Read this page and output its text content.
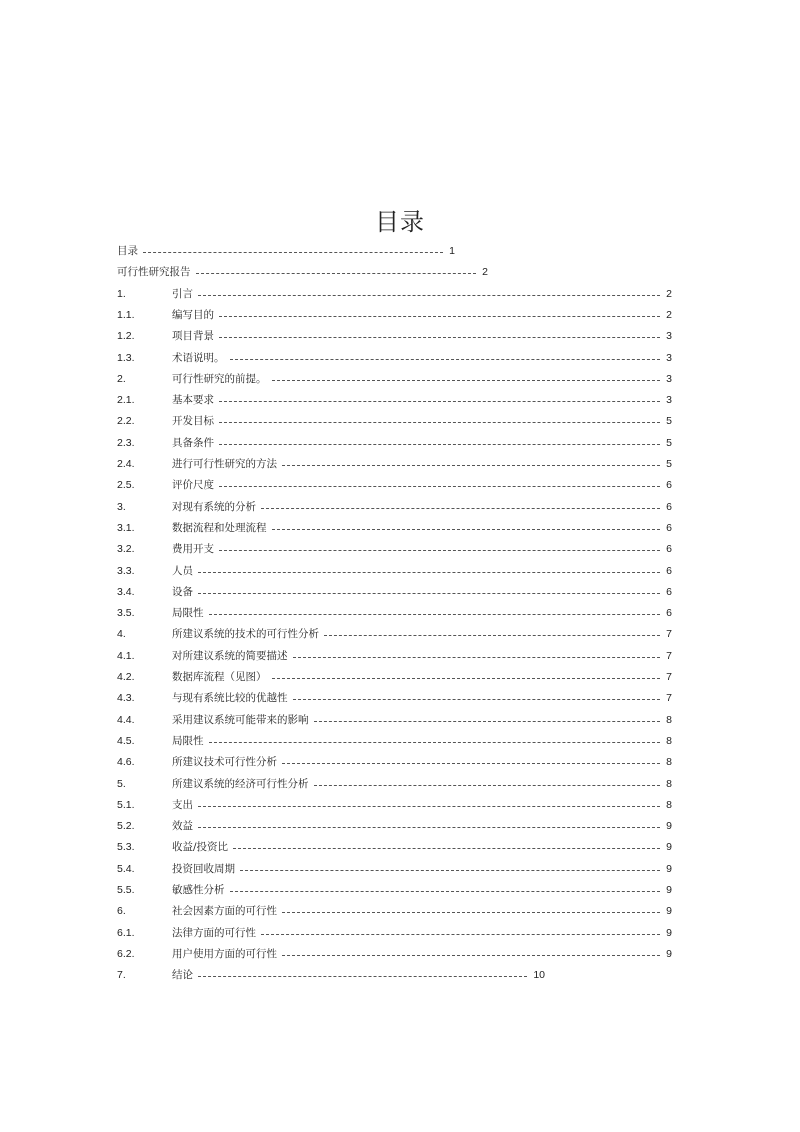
目录
目录	1
可行性研究报告	2
1.	引言	2
1.1.	编写目的	2
1.2.	项目背景	3
1.3.	术语说明。	3
2.	可行性研究的前提。	3
2.1.	基本要求	3
2.2.	开发目标	5
2.3.	具备条件	5
2.4.	进行可行性研究的方法	5
2.5.	评价尺度	6
3.	对现有系统的分析	6
3.1.	数据流程和处理流程	6
3.2.	费用开支	6
3.3.	人员	6
3.4.	设备	6
3.5.	局限性	6
4.	所建议系统的技术的可行性分析	7
4.1.	对所建议系统的简要描述	7
4.2.	数据库流程（见图）	7
4.3.	与现有系统比较的优越性	7
4.4.	采用建议系统可能带来的影响	8
4.5.	局限性	8
4.6.	所建议技术可行性分析	8
5.	所建议系统的经济可行性分析	8
5.1.	支出	8
5.2.	效益	9
5.3.	收益/投资比	9
5.4.	投资回收周期	9
5.5.	敏感性分析	9
6.	社会因素方面的可行性	9
6.1.	法律方面的可行性	9
6.2.	用户使用方面的可行性	9
7.	结论	10
